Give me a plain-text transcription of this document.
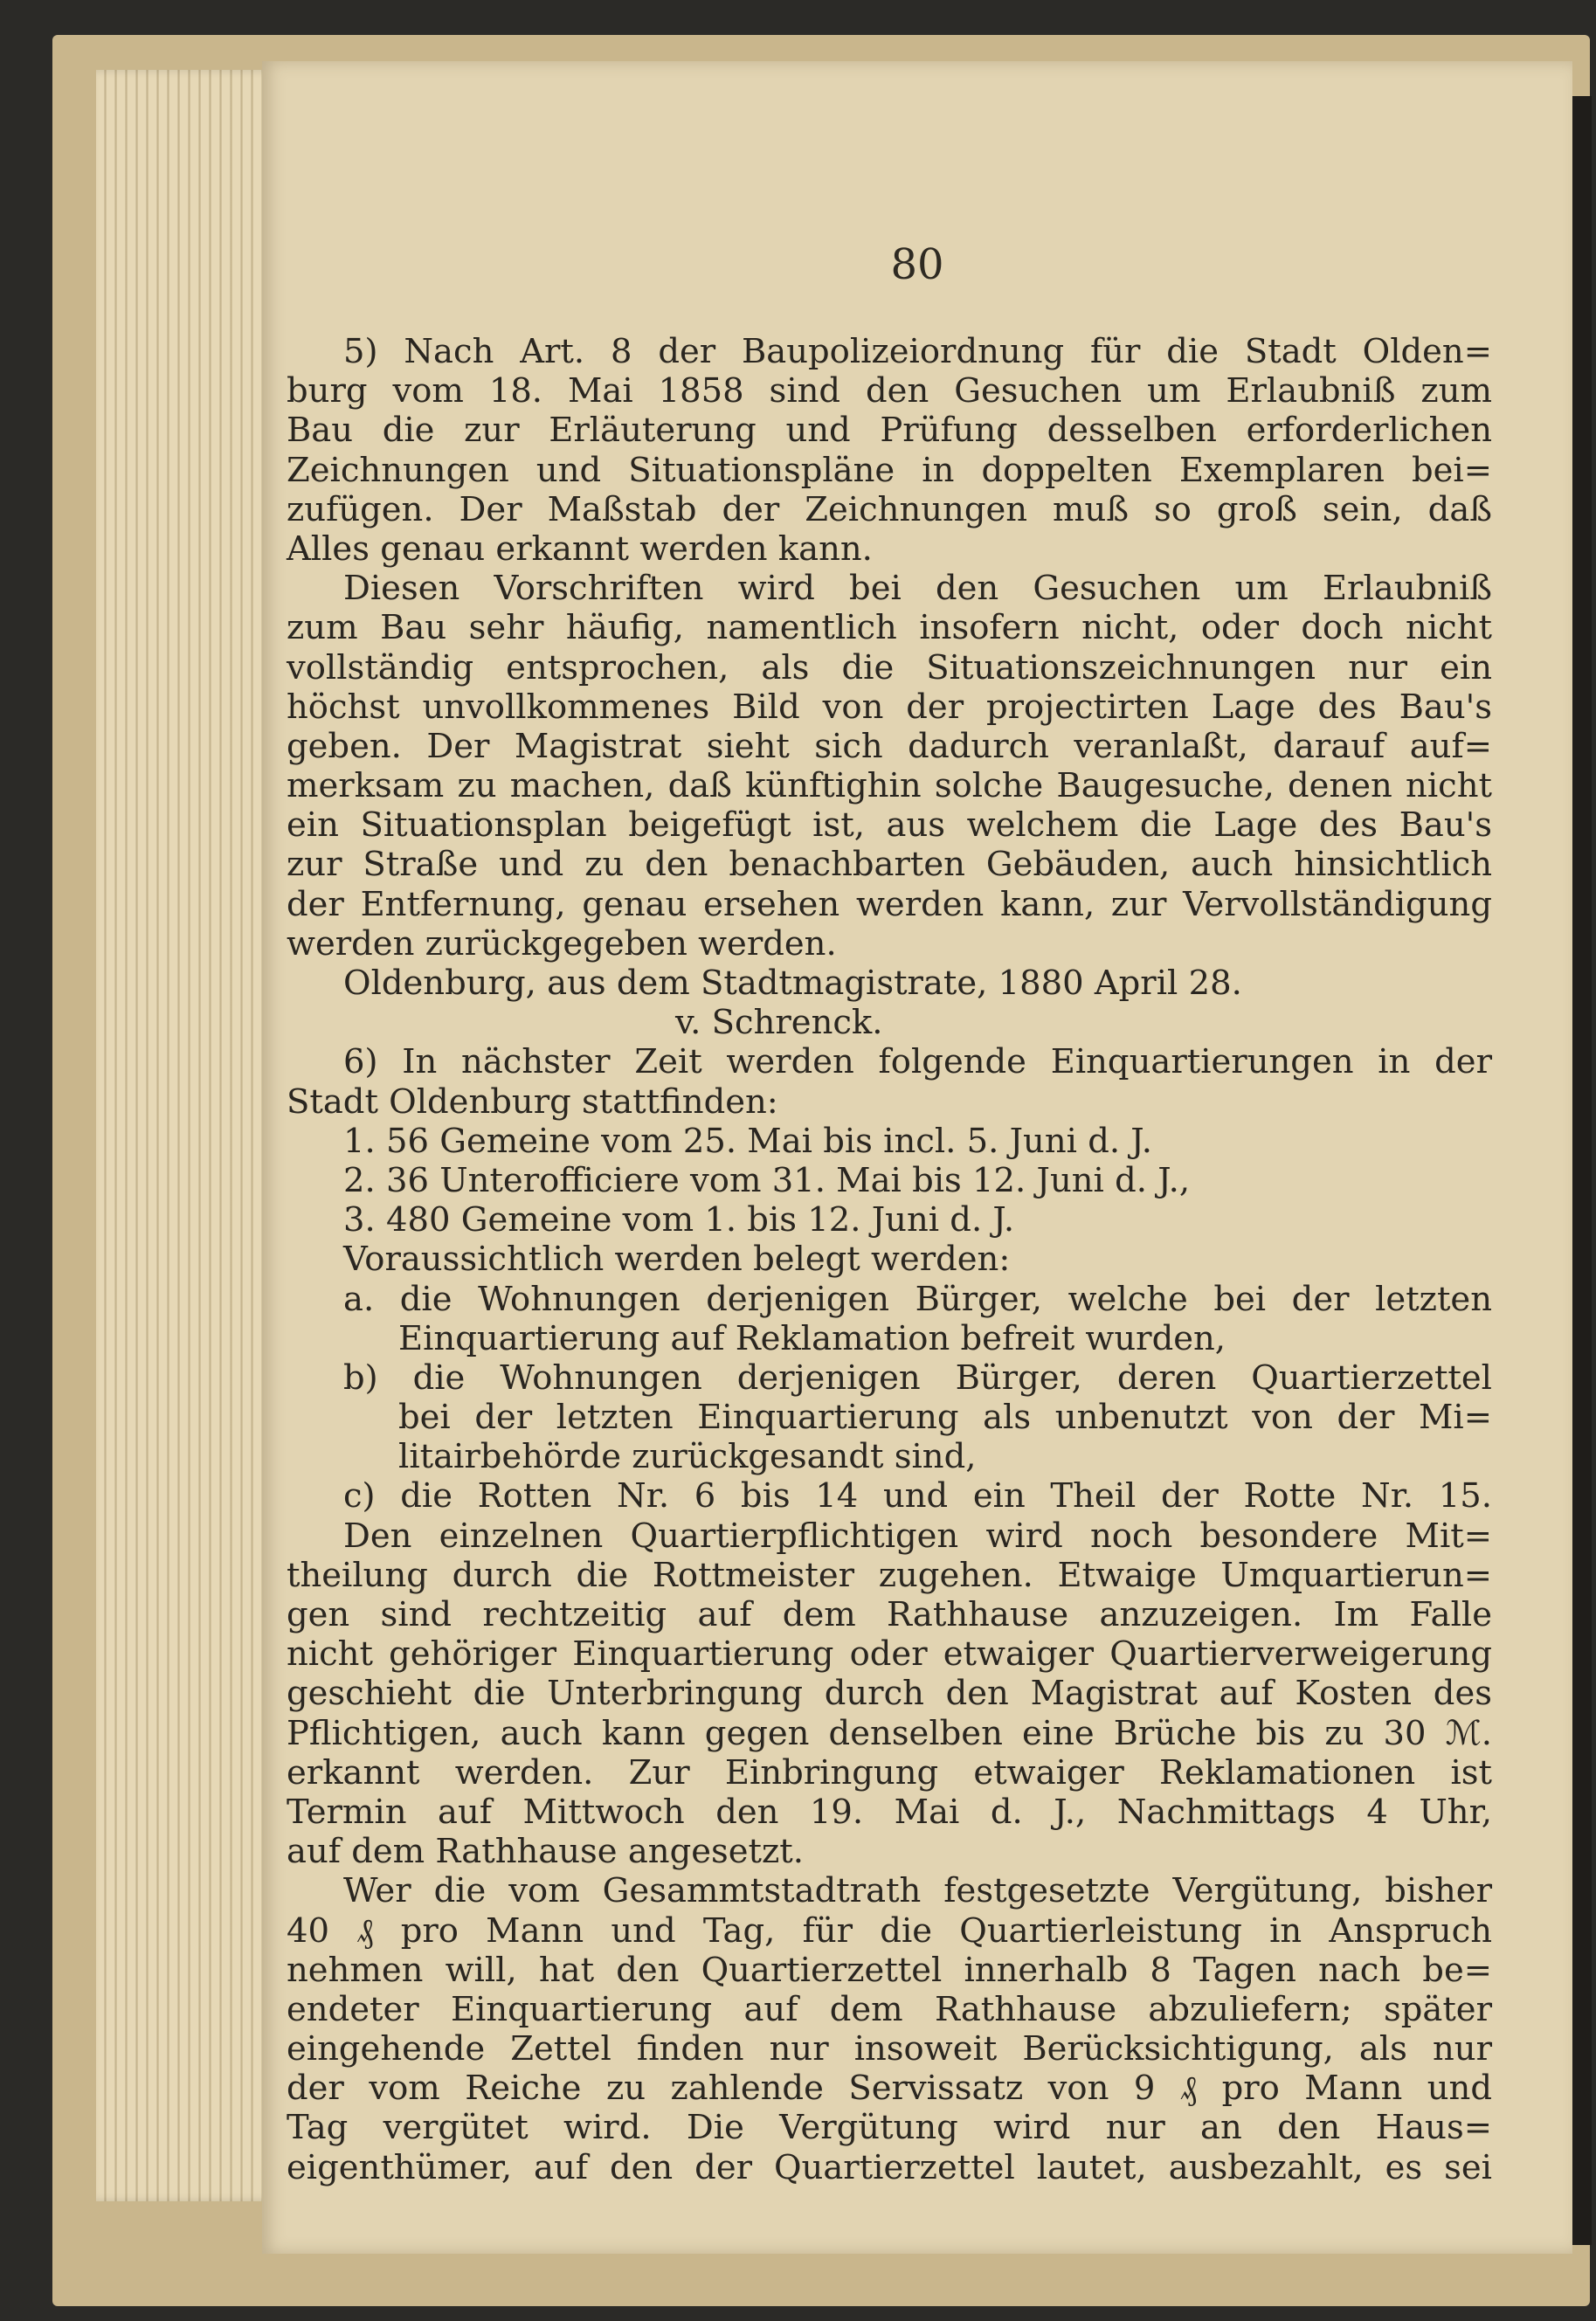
80
5) Nach Art. 8 der Baupolizeiordnung für die Stadt Olden=
burg vom 18. Mai 1858 sind den Gesuchen um Erlaubniß zum
Bau die zur Erläuterung und Prüfung desselben erforderlichen
Zeichnungen und Situationspläne in doppelten Exemplaren bei=
zufügen. Der Maßstab der Zeichnungen muß so groß sein, daß
Alles genau erkannt werden kann.
Diesen Vorschriften wird bei den Gesuchen um Erlaubniß
zum Bau sehr häufig, namentlich insofern nicht, oder doch nicht
vollständig entsprochen, als die Situationszeichnungen nur ein
höchst unvollkommenes Bild von der projectirten Lage des Bau's
geben. Der Magistrat sieht sich dadurch veranlaßt, darauf auf=
merksam zu machen, daß künftighin solche Baugesuche, denen nicht
ein Situationsplan beigefügt ist, aus welchem die Lage des Bau's
zur Straße und zu den benachbarten Gebäuden, auch hinsichtlich
der Entfernung, genau ersehen werden kann, zur Vervollständigung
werden zurückgegeben werden.
Oldenburg, aus dem Stadtmagistrate, 1880 April 28.
v. Schrenck.
6) In nächster Zeit werden folgende Einquartierungen in der
Stadt Oldenburg stattfinden:
1. 56 Gemeine vom 25. Mai bis incl. 5. Juni d. J.
2. 36 Unterofficiere vom 31. Mai bis 12. Juni d. J.,
3. 480 Gemeine vom 1. bis 12. Juni d. J.
Voraussichtlich werden belegt werden:
a. die Wohnungen derjenigen Bürger, welche bei der letzten
Einquartierung auf Reklamation befreit wurden,
b) die Wohnungen derjenigen Bürger, deren Quartierzettel
bei der letzten Einquartierung als unbenutzt von der Mi=
litairbehörde zurückgesandt sind,
c) die Rotten Nr. 6 bis 14 und ein Theil der Rotte Nr. 15.
Den einzelnen Quartierpflichtigen wird noch besondere Mit=
theilung durch die Rottmeister zugehen. Etwaige Umquartierun=
gen sind rechtzeitig auf dem Rathhause anzuzeigen. Im Falle
nicht gehöriger Einquartierung oder etwaiger Quartierverweigerung
geschieht die Unterbringung durch den Magistrat auf Kosten des
Pflichtigen, auch kann gegen denselben eine Brüche bis zu 30 ℳ.
erkannt werden. Zur Einbringung etwaiger Reklamationen ist
Termin auf Mittwoch den 19. Mai d. J., Nachmittags 4 Uhr,
auf dem Rathhause angesetzt.
Wer die vom Gesammtstadtrath festgesetzte Vergütung, bisher
40 ₰ pro Mann und Tag, für die Quartierleistung in Anspruch
nehmen will, hat den Quartierzettel innerhalb 8 Tagen nach be=
endeter Einquartierung auf dem Rathhause abzuliefern; später
eingehende Zettel finden nur insoweit Berücksichtigung, als nur
der vom Reiche zu zahlende Servissatz von 9 ₰ pro Mann und
Tag vergütet wird. Die Vergütung wird nur an den Haus=
eigenthümer, auf den der Quartierzettel lautet, ausbezahlt, es sei
